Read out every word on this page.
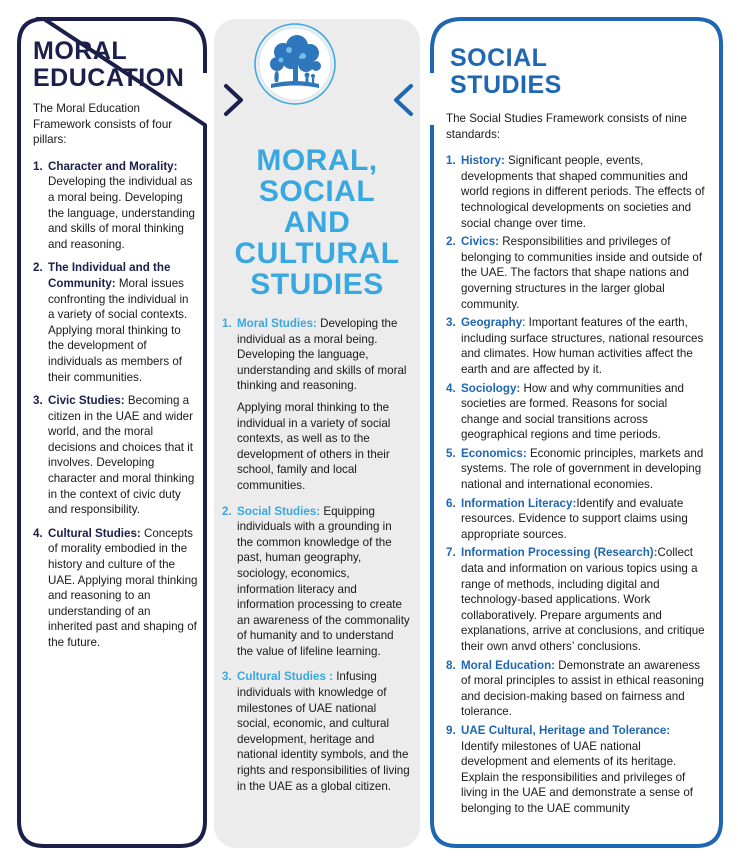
MORAL
EDUCATION
The Moral Education Framework consists of four pillars:
1. Character and Morality: Developing the individual as a moral being. Developing the language, understanding and skills of moral thinking and reasoning.
2. The Individual and the Community: Moral issues confronting the individual in a variety of social contexts. Applying moral thinking to the development of individuals as members of their communities.
3. Civic Studies: Becoming a citizen in the UAE and wider world, and the moral decisions and choices that it involves. Developing character and moral thinking in the context of civic duty and responsibility.
4. Cultural Studies: Concepts of morality embodied in the history and culture of the UAE. Applying moral thinking and reasoning to an understanding of an inherited past and shaping of the future.
MORAL,
SOCIAL
AND
CULTURAL
STUDIES
1. Moral Studies: Developing the individual as a moral being. Developing the language, understanding and skills of moral thinking and reasoning.
Applying moral thinking to the individual in a variety of social contexts, as well as to the development of others in their school, family and local communities.
2. Social Studies: Equipping individuals with a grounding in the common knowledge of the past, human geography, sociology, economics, information literacy and information processing to create an awareness of the commonality of humanity and to understand the value of lifeline learning.
3. Cultural Studies : Infusing individuals with knowledge of milestones of UAE national social, economic, and cultural development, heritage and national identity symbols, and the rights and responsibilities of living in the UAE as a global citizen.
SOCIAL
STUDIES
The Social Studies Framework consists of nine standards:
1. History: Significant people, events, developments that shaped communities and world regions in different periods. The effects of technological developments on societies and social change over time.
2. Civics: Responsibilities and privileges of belonging to communities inside and outside of the UAE. The factors that shape nations and governing structures in the larger global community.
3. Geography: Important features of the earth, including surface structures, national resources and climates. How human activities affect the earth and are affected by it.
4. Sociology: How and why communities and societies are formed. Reasons for social change and social transitions across geographical regions and time periods.
5. Economics: Economic principles, markets and systems. The role of government in developing national and international economies.
6. Information Literacy:Identify and evaluate resources. Evidence to support claims using appropriate sources.
7. Information Processing (Research):Collect data and information on various topics using a range of methods, including digital and technology-based applications. Work collaboratively. Prepare arguments and explanations, arrive at conclusions, and critique their own anvd others’ conclusions.
8. Moral Education: Demonstrate an awareness of moral principles to assist in ethical reasoning and decision-making based on fairness and tolerance.
9. UAE Cultural, Heritage and Tolerance: Identify milestones of UAE national development and elements of its heritage. Explain the responsibilities and privileges of living in the UAE and demonstrate a sense of belonging to the UAE community
